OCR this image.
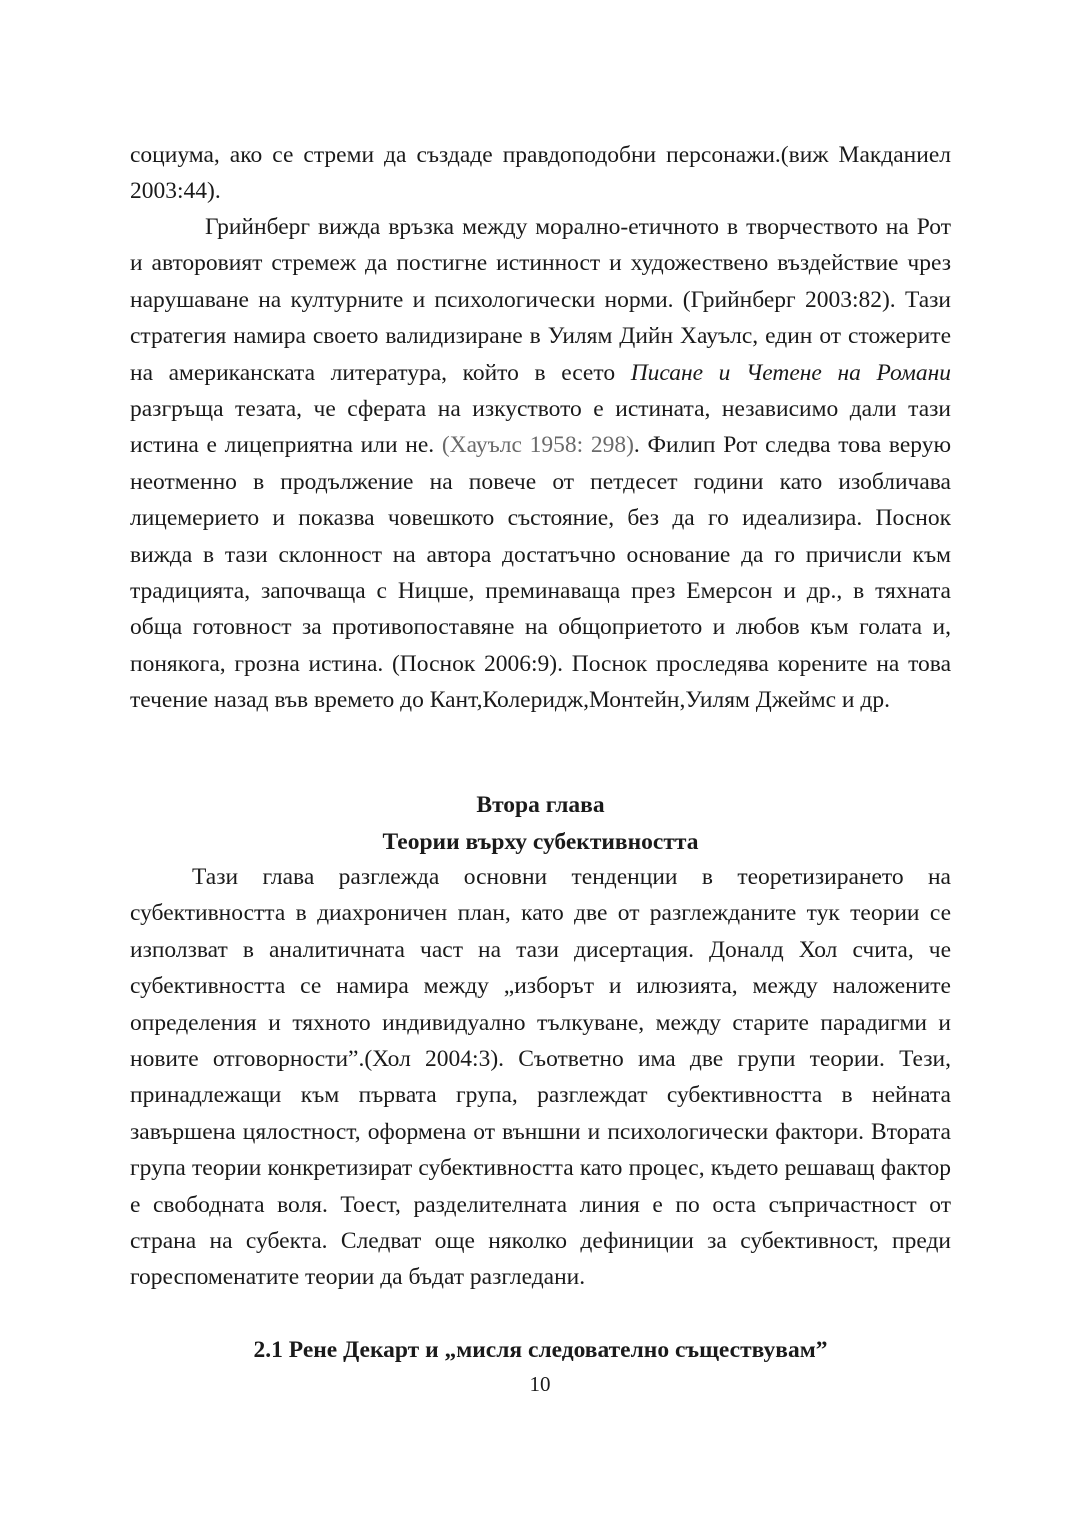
социума, ако се стреми да създаде правдоподобни персонажи.(виж Макданиел 2003:44).

Грийнберг вижда връзка между морално-етичното в творчеството на Рот и авторовият стремеж да постигне истинност и художествено въздействие чрез нарушаване на културните и психологически норми. (Грийнберг 2003:82). Тази стратегия намира своето валидизиране в Уилям Дийн Хауълс, един от стожерите на американската литература, който в есето Писане и Четене на Романи разгръща тезата, че сферата на изкуството е истината, независимо дали тази истина е лицеприятна или не. (Хауълс 1958: 298). Филип Рот следва това верую неотменно в продължение на повече от петдесет години като изобличава лицемерието и показва човешкото състояние, без да го идеализира. Поснок вижда в тази склонност на автора достатъчно основание да го причисли към традицията, започваща с Ницше, преминаваща през Емерсон и др., в тяхната обща готовност за противопоставяне на общоприетото и любов към голата и, понякога, грозна истина. (Поснок 2006:9). Поснок проследява корените на това течение назад във времето до Кант,Колеридж,Монтейн,Уилям Джеймс и др.

Втора глава
Теории върху субективността

Тази глава разглежда основни тенденции в теоретизирането на субективността в диахроничен план, като две от разглежданите тук теории се използват в аналитичната част на тази дисертация. Доналд Хол счита, че субективността се намира между „изборът и илюзията, между наложените определения и тяхното индивидуално тълкуване, между старите парадигми и новите отговорности”.(Хол 2004:3). Съответно има две групи теории. Тези, принадлежащи към първата група, разглеждат субективността в нейната завършена цялостност, оформена от външни и психологически фактори. Втората група теории конкретизират субективността като процес, където решаващ фактор е свободната воля. Тоест, разделителната линия е по оста съпричастност от страна на субекта. Следват още няколко дефиниции за субективност, преди гореспоменатите теории да бъдат разгледани.

2.1 Рене Декарт и „мисля следователно съществувам”
10
